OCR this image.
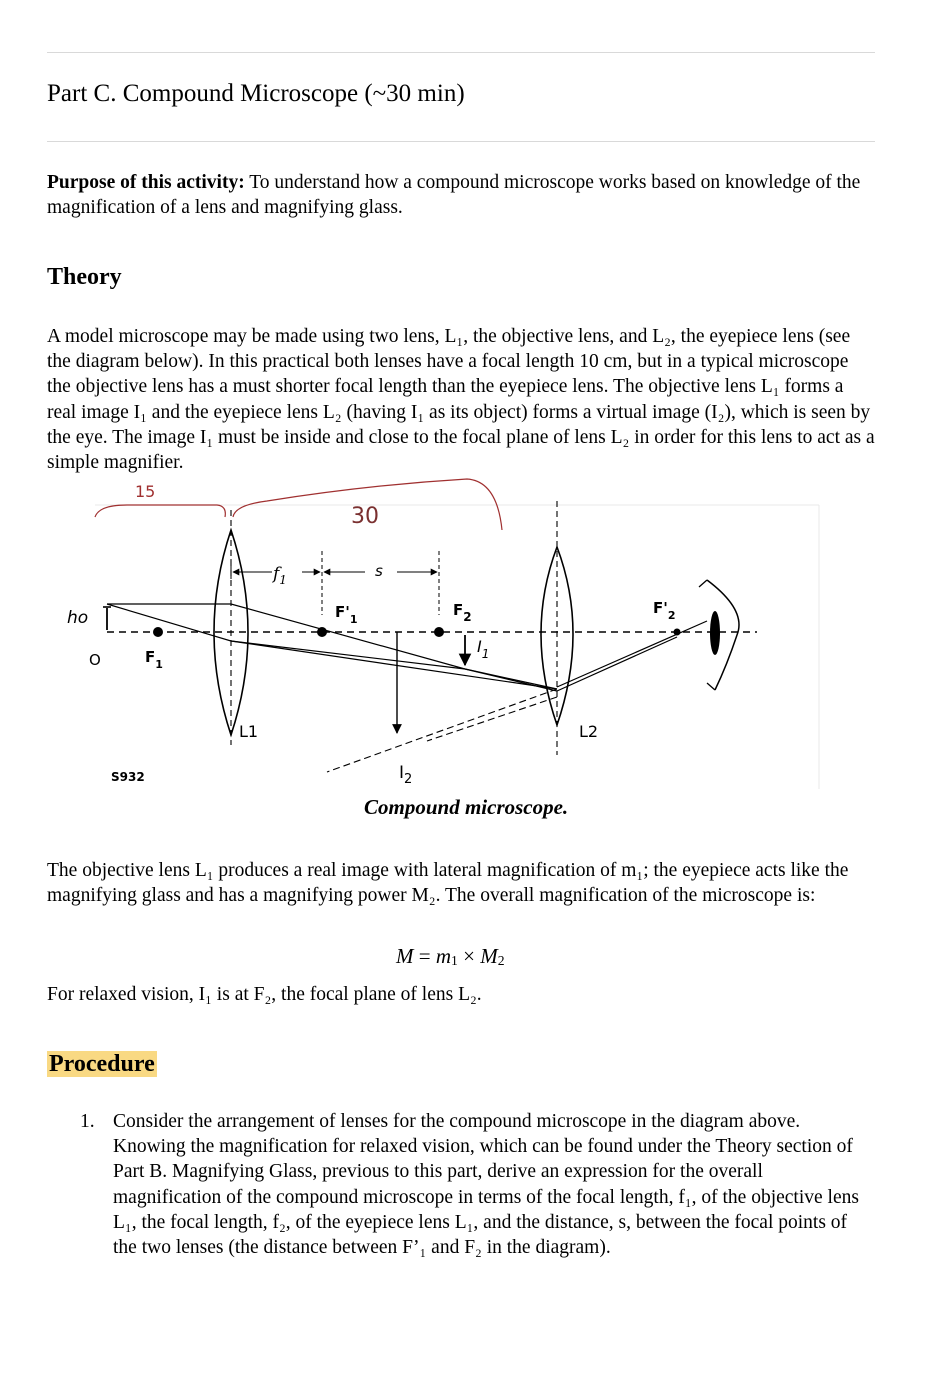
Part C. Compound Microscope (~30 min)
Purpose of this activity: To understand how a compound microscope works based on knowledge of the magnification of a lens and magnifying glass.
Theory
A model microscope may be made using two lens, L₁, the objective lens, and L₂, the eyepiece lens (see the diagram below). In this practical both lenses have a focal length 10 cm, but in a typical microscope the objective lens has a must shorter focal length than the eyepiece lens. The objective lens L₁ forms a real image I₁ and the eyepiece lens L₂ (having I₁ as its object) forms a virtual image (I₂), which is seen by the eye. The image I₁ must be inside and close to the focal plane of lens L₂ in order for this lens to act as a simple magnifier.
15
30
ho
O	$F_1$
$f_1$	s
$F'_1$
$F_2$
$I_1$
$F'_2$
L1	L2
$I_2$
S932
Compound microscope.
The objective lens L₁ produces a real image with lateral magnification of m₁; the eyepiece acts like the magnifying glass and has a magnifying power M₂. The overall magnification of the microscope is:
$M = m_1 \times M_2$
For relaxed vision, I₁ is at F₂, the focal plane of lens L₂.
Procedure
1. Consider the arrangement of lenses for the compound microscope in the diagram above. Knowing the magnification for relaxed vision, which can be found under the Theory section of Part B. Magnifying Glass, previous to this part, derive an expression for the overall magnification of the compound microscope in terms of the focal length, f₁, of the objective lens L₁, the focal length, f₂, of the eyepiece lens L₁, and the distance, s, between the focal points of the two lenses (the distance between F’₁ and F₂ in the diagram).
